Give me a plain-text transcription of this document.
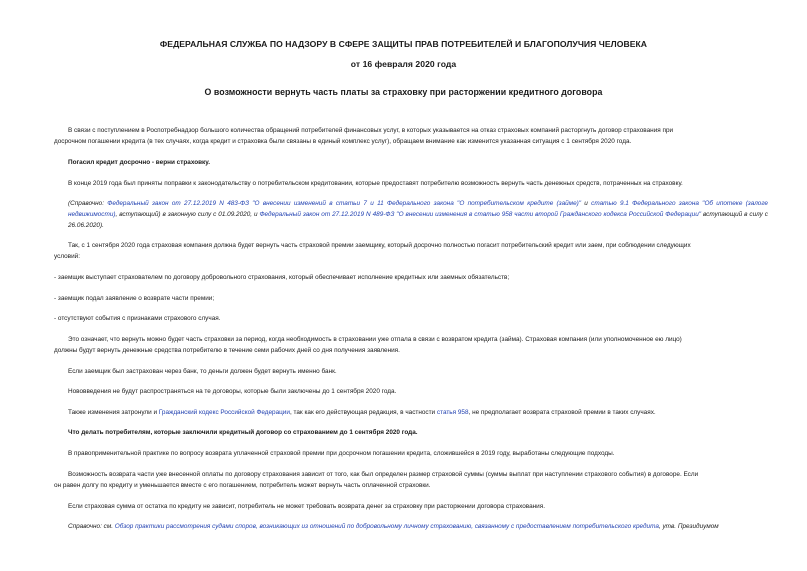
ФЕДЕРАЛЬНАЯ СЛУЖБА ПО НАДЗОРУ В СФЕРЕ ЗАЩИТЫ ПРАВ ПОТРЕБИТЕЛЕЙ И БЛАГОПОЛУЧИЯ ЧЕЛОВЕКА
от 16 февраля 2020 года
О возможности вернуть часть платы за страховку при расторжении кредитного договора
В связи с поступлением в Роспотребнадзор большого количества обращений потребителей финансовых услуг, в которых указывается на отказ страховых компаний расторгнуть договор страхования при
досрочном погашении кредита (в тех случаях, когда кредит и страховка были связаны в единый комплекс услуг), обращаем внимание как изменится указанная ситуация с 1 сентября 2020 года.
Погасил кредит досрочно - верни страховку.
В конце 2019 года был приняты поправки к законодательству о потребительском кредитовании, которые предоставят потребителю возможность вернуть часть денежных средств, потраченных на страховку.
(Справочно: Федеральный закон от 27.12.2019 N 483-ФЗ "О внесении изменений в статьи 7 и 11 Федерального закона "О потребительском кредите (займе)" и статью 9.1 Федерального закона "Об ипотеке (залоге недвижимости), вступающий) в законную силу с 01.09.2020, и Федеральный закон от 27.12.2019 N 489-ФЗ "О внесении изменения в статью 958 части второй Гражданского кодекса Российской Федерации" вступающий в силу с 26.06.2020).
Так, с 1 сентября 2020 года страховая компания должна будет вернуть часть страховой премии заемщику, который досрочно полностью погасит потребительский кредит или заем, при соблюдении следующих
условий:
- заемщик выступает страхователем по договору добровольного страхования, который обеспечивает исполнение кредитных или заемных обязательств;
- заемщик подал заявление о возврате части премии;
- отсутствуют события с признаками страхового случая.
Это означает, что вернуть можно будет часть страховки за период, когда необходимость в страховании уже отпала в связи с возвратом кредита (займа). Страховая компания (или уполномоченное ею лицо)
должны будут вернуть денежные средства потребителю в течение семи рабочих дней со дня получения заявления.
Если заемщик был застрахован через банк, то деньги должен будет вернуть именно банк.
Нововведения не будут распространяться на те договоры, которые были заключены до 1 сентября 2020 года.
Также изменения затронули и Гражданский кодекс Российской Федерации, так как его действующая редакция, в частности статья 958, не предполагает возврата страховой премии в таких случаях.
Что делать потребителям, которые заключили кредитный договор со страхованием до 1 сентября 2020 года.
В правоприменительной практике по вопросу возврата уплаченной страховой премии при досрочном погашении кредита, сложившейся в 2019 году, выработаны следующие подходы.
Возможность возврата части уже внесенной оплаты по договору страхования зависит от того, как был определен размер страховой суммы (суммы выплат при наступлении страхового события) в договоре. Если
он равен долгу по кредиту и уменьшается вместе с его погашением, потребитель может вернуть часть оплаченной страховки.
Если страховая сумма от остатка по кредиту не зависит, потребитель не может требовать возврата денег за страховку при расторжении договора страхования.
Справочно: см. Обзор практики рассмотрения судами споров, возникающих из отношений по добровольному личному страхованию, связанному с предоставлением потребительского кредита, утв. Президиумом
